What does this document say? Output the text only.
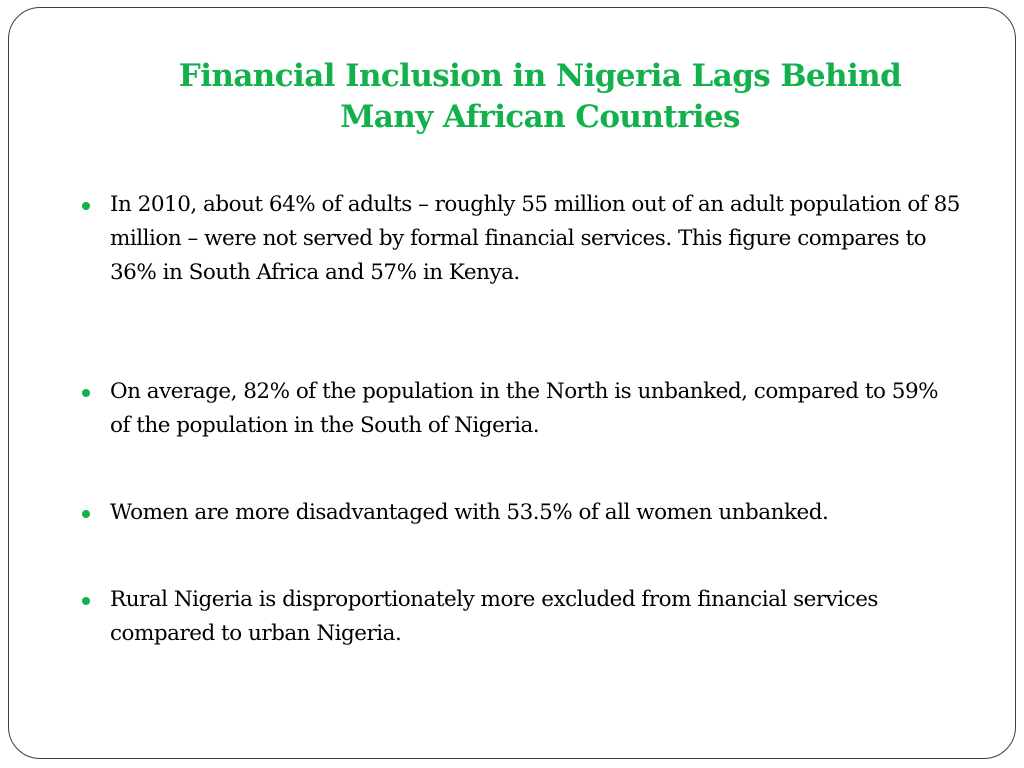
Financial Inclusion in Nigeria Lags Behind
Many African Countries
In 2010, about 64% of adults – roughly 55 million out of an adult population of 85 million – were not served by formal financial services. This figure compares to 36% in South Africa and 57% in Kenya.
On average, 82% of the population in the North is unbanked, compared to 59% of the population in the South of Nigeria.
Women are more disadvantaged with 53.5% of all women unbanked.
Rural Nigeria is disproportionately more excluded from financial services compared to urban Nigeria.
